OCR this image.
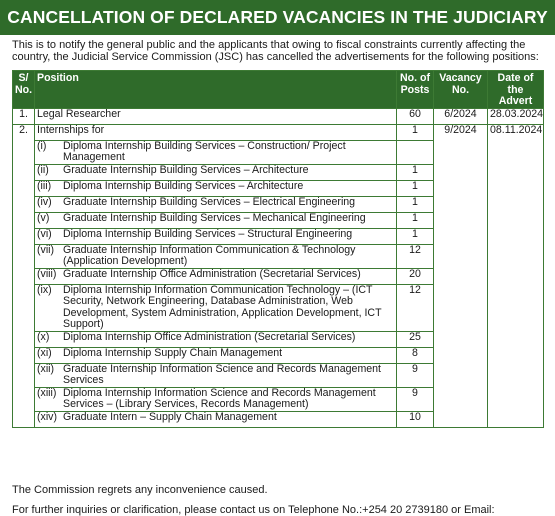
CANCELLATION OF DECLARED VACANCIES IN THE JUDICIARY
This is to notify the general public and the applicants that owing to fiscal constraints currently affecting the country, the Judicial Service Commission (JSC) has cancelled the advertisements for the following positions:
S/ No.	Position	No. of Posts	Vacancy No.	Date of the Advert
1.	Legal Researcher	60	6/2024	28.03.2024
2.	Internships for	1	9/2024	08.11.2024

	(i) Diploma Internship Building Services – Construction/ Project Management			

	(ii) Graduate Internship Building Services – Architecture	1		

	(iii) Diploma Internship Building Services – Architecture	1		

	(iv) Graduate Internship Building Services – Electrical Engineering	1		

	(v) Graduate Internship Building Services – Mechanical Engineering	1		

	(vi) Diploma Internship Building Services – Structural Engineering	1		

	(vii) Graduate Internship Information Communication & Technology (Application Development)	12		

	(viii) Graduate Internship Office Administration (Secretarial Services)	20		

	(ix) Diploma Internship Information Communication Technology – (ICT Security, Network Engineering, Database Administration, Web Development, System Administration, Application Development, ICT Support)	12		

	(x) Diploma Internship Office Administration (Secretarial Services)	25		

	(xi) Diploma Internship Supply Chain Management	8		

	(xii) Graduate Internship Information Science and Records Management Services	9		

	(xiii) Diploma Internship Information Science and Records Management Services – (Library Services, Records Management)	9		

	(xiv) Graduate Intern – Supply Chain Management	10		
The Commission regrets any inconvenience caused.
For further inquiries or clarification, please contact us on Telephone No.:+254 20 2739180 or Email:
